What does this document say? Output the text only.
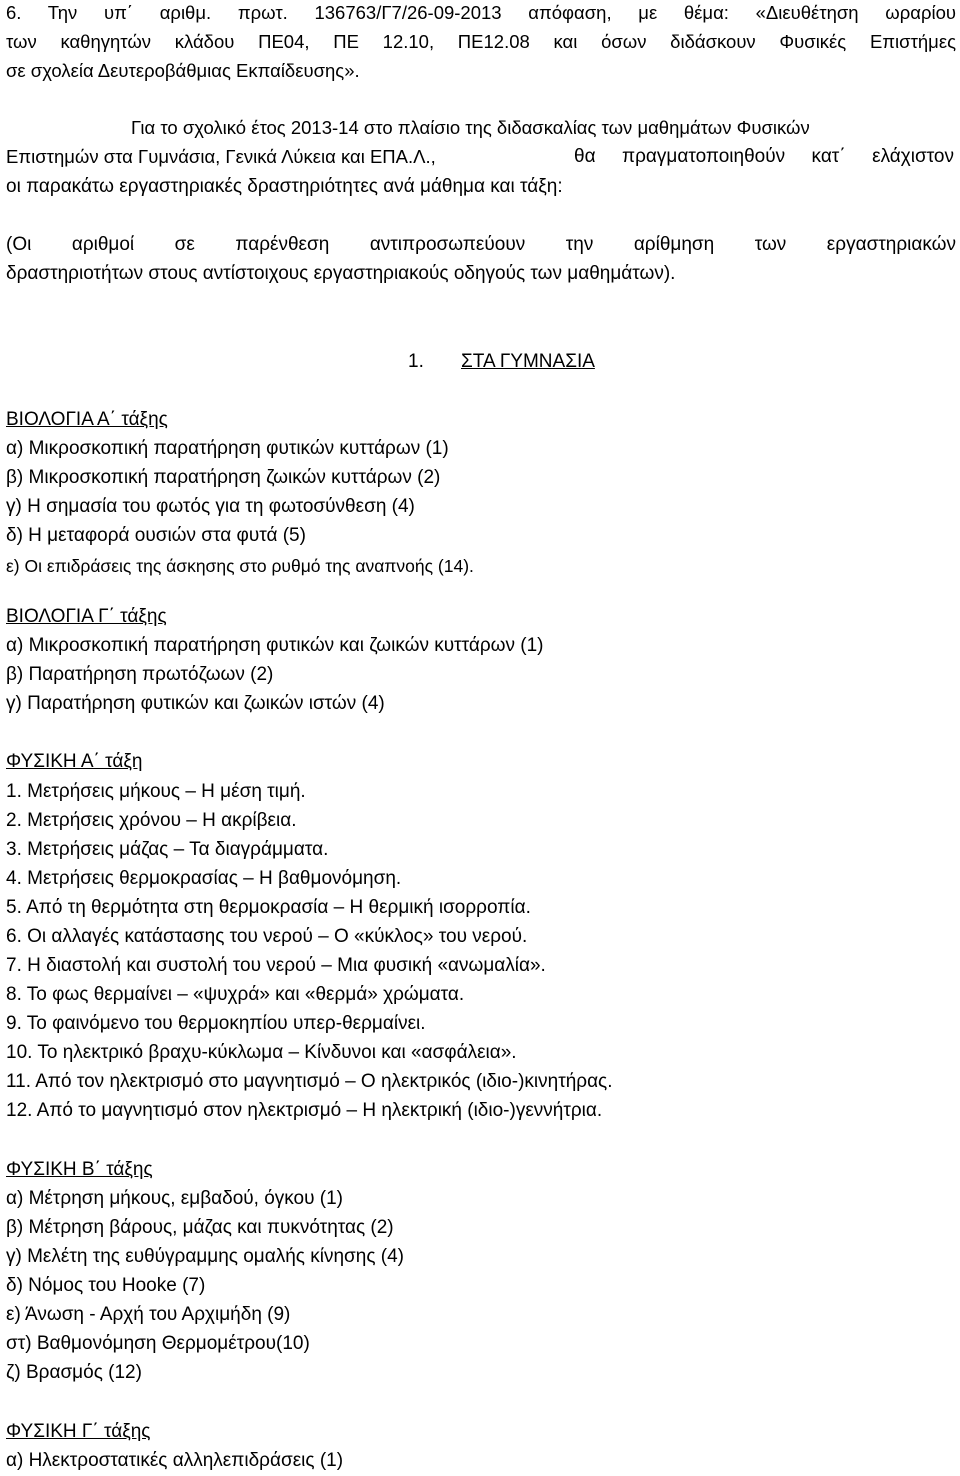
6. Την υπ΄ αριθμ. πρωτ. 136763/Γ7/26-09-2013 απόφαση, με θέμα: «Διευθέτηση ωραρίου

των καθηγητών κλάδου ΠΕ04, ΠΕ 12.10, ΠΕ12.08 και όσων διδάσκουν Φυσικές Επιστήμες

σε σχολεία Δευτεροβάθμιας Εκπαίδευσης».

Για το σχολικό έτος 2013-14 στο πλαίσιο της διδασκαλίας των μαθημάτων Φυσικών

Επιστημών στα Γυμνάσια, Γενικά Λύκεια και ΕΠΑ.Λ.,	θα πραγματοποιηθούν κατ΄ ελάχιστον

οι παρακάτω εργαστηριακές δραστηριότητες ανά μάθημα και τάξη:

(Οι αριθμοί σε παρένθεση αντιπροσωπεύουν την αρίθμηση των εργαστηριακών

δραστηριοτήτων στους αντίστοιχους εργαστηριακούς οδηγούς των μαθημάτων).

1. ΣΤΑ ΓΥΜΝΑΣΙΑ

ΒΙΟΛΟΓΙΑ Α΄ τάξης

α) Μικροσκοπική παρατήρηση φυτικών κυττάρων (1)

β) Μικροσκοπική παρατήρηση ζωικών κυττάρων (2)

γ) Η σημασία του φωτός για τη φωτοσύνθεση (4)

δ) Η μεταφορά ουσιών στα φυτά (5)

ε) Οι επιδράσεις της άσκησης στο ρυθμό της αναπνοής (14).

ΒΙΟΛΟΓΙΑ Γ΄ τάξης

α) Μικροσκοπική παρατήρηση φυτικών και ζωικών κυττάρων (1)

β) Παρατήρηση πρωτόζωων (2)

γ) Παρατήρηση φυτικών και ζωικών ιστών (4)

ΦΥΣΙΚΗ Α΄ τάξη

1. Μετρήσεις μήκους – Η μέση τιμή.

2. Μετρήσεις χρόνου – Η ακρίβεια.

3. Μετρήσεις μάζας – Τα διαγράμματα.

4. Μετρήσεις θερμοκρασίας – Η βαθμονόμηση.

5. Από τη θερμότητα στη θερμοκρασία – Η θερμική ισορροπία.

6. Οι αλλαγές κατάστασης του νερού – Ο «κύκλος» του νερού.

7. Η διαστολή και συστολή του νερού – Μια φυσική «ανωμαλία».

8. Το φως θερμαίνει – «ψυχρά» και «θερμά» χρώματα.

9. Το φαινόμενο του θερμοκηπίου υπερ-θερμαίνει.

10. Το ηλεκτρικό βραχυ-κύκλωμα – Κίνδυνοι και «ασφάλεια».

11. Από τον ηλεκτρισμό στο μαγνητισμό – Ο ηλεκτρικός (ιδιο-)κινητήρας.

12. Από το μαγνητισμό στον ηλεκτρισμό – Η ηλεκτρική (ιδιο-)γεννήτρια.

ΦΥΣΙΚΗ Β΄ τάξης

α) Μέτρηση μήκους, εμβαδού, όγκου (1)

β) Μέτρηση βάρους, μάζας και πυκνότητας (2)

γ) Μελέτη της ευθύγραμμης ομαλής κίνησης (4)

δ) Νόμος του Hooke (7)

ε) Άνωση - Αρχή του Αρχιμήδη (9)

στ) Βαθμονόμηση Θερμομέτρου(10)

ζ) Βρασμός (12)

ΦΥΣΙΚΗ Γ΄ τάξης

α) Ηλεκτροστατικές αλληλεπιδράσεις (1)
